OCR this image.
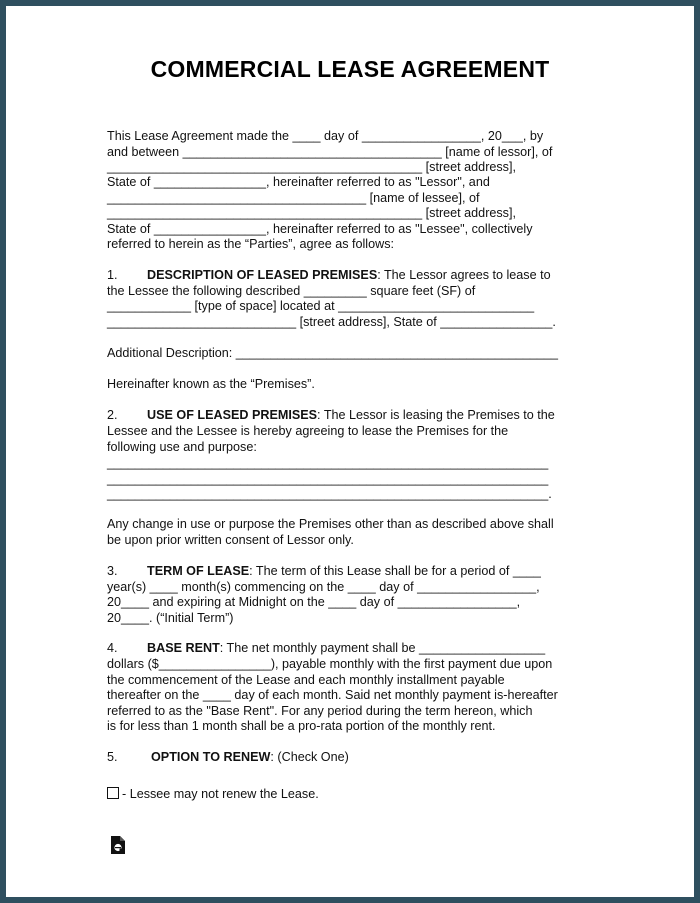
COMMERCIAL LEASE AGREEMENT
This Lease Agreement made the ____ day of _________________, 20___, by
and between _____________________________________ [name of lessor], of
_____________________________________________ [street address],
State of ________________, hereinafter referred to as "Lessor", and
_____________________________________ [name of lessee], of
_____________________________________________ [street address],
State of ________________, hereinafter referred to as "Lessee", collectively
referred to herein as the “Parties”, agree as follows:
1. DESCRIPTION OF LEASED PREMISES: The Lessor agrees to lease to
the Lessee the following described _________ square feet (SF) of
____________ [type of space] located at ____________________________
___________________________ [street address], State of ________________.
Additional Description: ______________________________________________
Hereinafter known as the “Premises”.
2. USE OF LEASED PREMISES: The Lessor is leasing the Premises to the
Lessee and the Lessee is hereby agreeing to lease the Premises for the
following use and purpose:
_______________________________________________________________
_______________________________________________________________
_______________________________________________________________.
Any change in use or purpose the Premises other than as described above shall
be upon prior written consent of Lessor only.
3. TERM OF LEASE: The term of this Lease shall be for a period of ____
year(s) ____ month(s) commencing on the ____ day of _________________,
20____ and expiring at Midnight on the ____ day of _________________,
20____. (“Initial Term”)
4. BASE RENT: The net monthly payment shall be __________________
dollars ($________________), payable monthly with the first payment due upon
the commencement of the Lease and each monthly installment payable
thereafter on the ____ day of each month. Said net monthly payment is-hereafter
referred to as the "Base Rent". For any period during the term hereon, which
is for less than 1 month shall be a pro-rata portion of the monthly rent.
5.	OPTION TO RENEW: (Check One)
- Lessee may not renew the Lease.
